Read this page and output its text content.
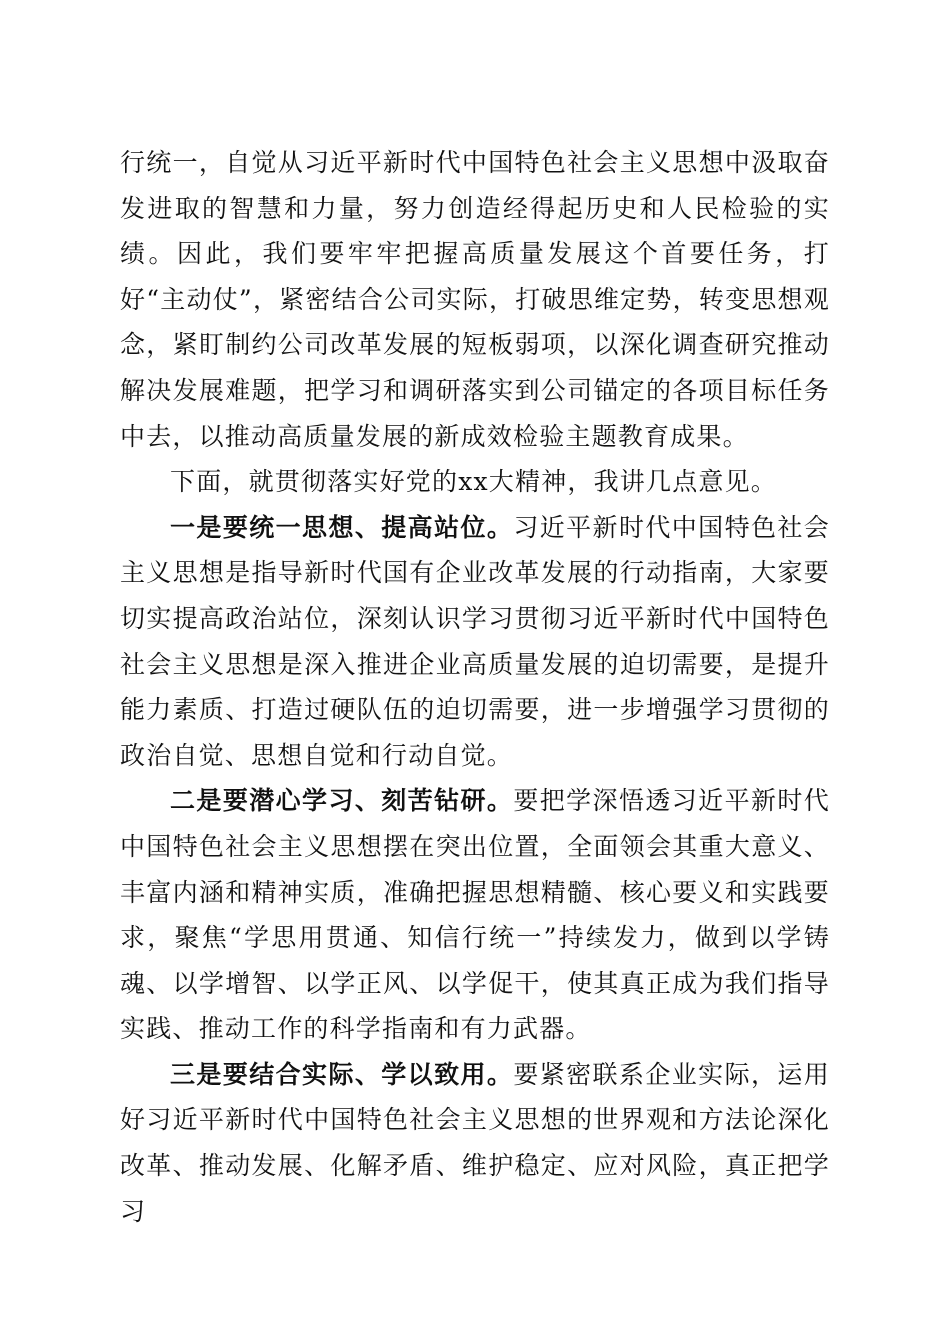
行统一，自觉从习近平新时代中国特色社会主义思想中汲取奋发进取的智慧和力量，努力创造经得起历史和人民检验的实绩。因此，我们要牢牢把握高质量发展这个首要任务，打好“主动仗”，紧密结合公司实际，打破思维定势，转变思想观念，紧盯制约公司改革发展的短板弱项，以深化调查研究推动解决发展难题，把学习和调研落实到公司锚定的各项目标任务中去，以推动高质量发展的新成效检验主题教育成果。

下面，就贯彻落实好党的xx大精神，我讲几点意见。

一是要统一思想、提高站位。习近平新时代中国特色社会主义思想是指导新时代国有企业改革发展的行动指南，大家要切实提高政治站位，深刻认识学习贯彻习近平新时代中国特色社会主义思想是深入推进企业高质量发展的迫切需要，是提升能力素质、打造过硬队伍的迫切需要，进一步增强学习贯彻的政治自觉、思想自觉和行动自觉。

二是要潜心学习、刻苦钻研。要把学深悟透习近平新时代中国特色社会主义思想摆在突出位置，全面领会其重大意义、丰富内涵和精神实质，准确把握思想精髓、核心要义和实践要求，聚焦“学思用贯通、知信行统一”持续发力，做到以学铸魂、以学增智、以学正风、以学促干，使其真正成为我们指导实践、推动工作的科学指南和有力武器。

三是要结合实际、学以致用。要紧密联系企业实际，运用好习近平新时代中国特色社会主义思想的世界观和方法论深化改革、推动发展、化解矛盾、维护稳定、应对风险，真正把学习
